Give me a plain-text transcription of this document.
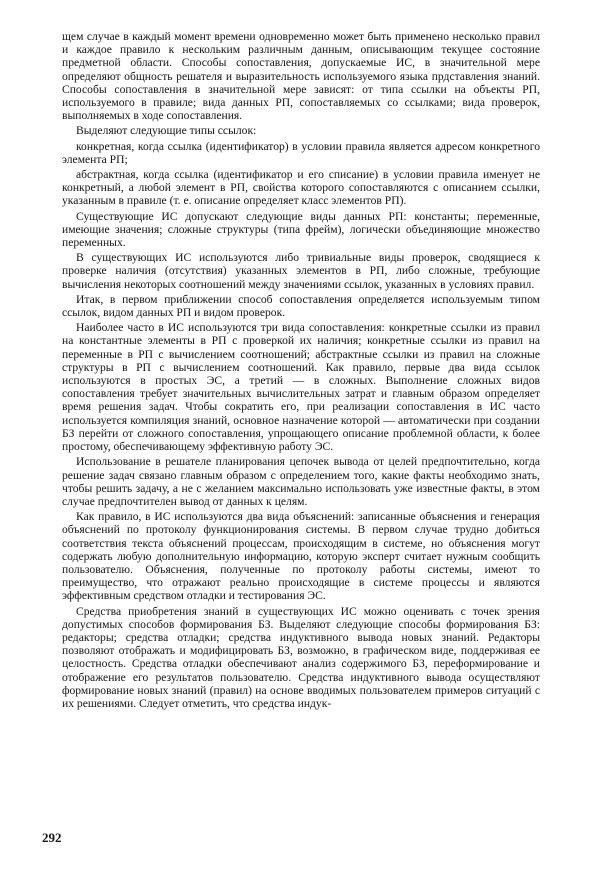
щем случае в каждый момент времени одновременно может быть применено несколько правил и каждое правило к нескольким различным данным, описывающим текущее состояние предметной области. Способы сопоставления, допускаемые ИС, в значительной мере определяют общность решателя и выразительность используемого языка прдставления знаний. Способы сопоставления в значительной мере зависят: от типа ссылки на объекты РП, используемого в правиле; вида данных РП, сопоставляемых со ссылками; вида проверок, выполняемых в ходе сопоставления.

Выделяют следующие типы ссылок:

конкретная, когда ссылка (идентификатор) в условии правила является адресом конкретного элемента РП;

абстрактная, когда ссылка (идентификатор и его списание) в условии правила именует не конкретный, а любой элемент в РП, свойства которого сопоставляются с описанием ссылки, указанным в правиле (т. е. описание определяет класс элементов РП).

Существующие ИС допускают следующие виды данных РП: константы; переменные, имеющие значения; сложные структуры (типа фрейм), логически объединяющие множество переменных.

В существующих ИС используются либо тривиальные виды проверок, сводящиеся к проверке наличия (отсутствия) указанных элементов в РП, либо сложные, требующие вычисления некоторых соотношений между значениями ссылок, указанных в условиях правил.

Итак, в первом приближении способ сопоставления определяется используемым типом ссылок, видом данных РП и видом проверок.

Наиболее часто в ИС используются три вида сопоставления: конкретные ссылки из правил на константные элементы в РП с проверкой их наличия; конкретные ссылки из правил на переменные в РП с вычислением соотношений; абстрактные ссылки из правил на сложные структуры в РП с вычислением соотношений. Как правило, первые два вида ссылок используются в простых ЭС, а третий — в сложных. Выполнение сложных видов сопоставления требует значительных вычислительных затрат и главным образом определяет время решения задач. Чтобы сократить его, при реализации сопоставления в ИС часто используется компиляция знаний, основное назначение которой — автоматически при создании БЗ перейти от сложного сопоставления, упрощающего описание проблемной области, к более простому, обеспечивающему эффективную работу ЭС.

Использование в решателе планирования цепочек вывода от целей предпочтительно, когда решение задач связано главным образом с определением того, какие факты необходимо знать, чтобы решить задачу, а не с желанием максимально использовать уже известные факты, в этом случае предпочтителен вывод от данных к целям.

Как правило, в ИС используются два вида объяснений: записанные объяснения и генерация объяснений по протоколу функционирования системы. В первом случае трудно добиться соответствия текста объяснений процессам, происходящим в системе, но объяснения могут содержать любую дополнительную информацию, которую эксперт считает нужным сообщить пользователю. Объяснения, полученные по протоколу работы системы, имеют то преимущество, что отражают реально происходящие в системе процессы и являются эффективным средством отладки и тестирования ЭС.

Средства приобретения знаний в существующих ИС можно оценивать с точек зрения допустимых способов формирования БЗ. Выделяют следующие способы формирования БЗ: редакторы; средства отладки; средства индуктивного вывода новых знаний. Редакторы позволяют отображать и модифицировать БЗ, возможно, в графическом виде, поддерживая ее целостность. Средства отладки обеспечивают анализ содержимого БЗ, переформирование и отображение его результатов пользователю. Средства индуктивного вывода осуществляют формирование новых знаний (правил) на основе вводимых пользователем примеров ситуаций с их решениями. Следует отметить, что средства индук-

292
